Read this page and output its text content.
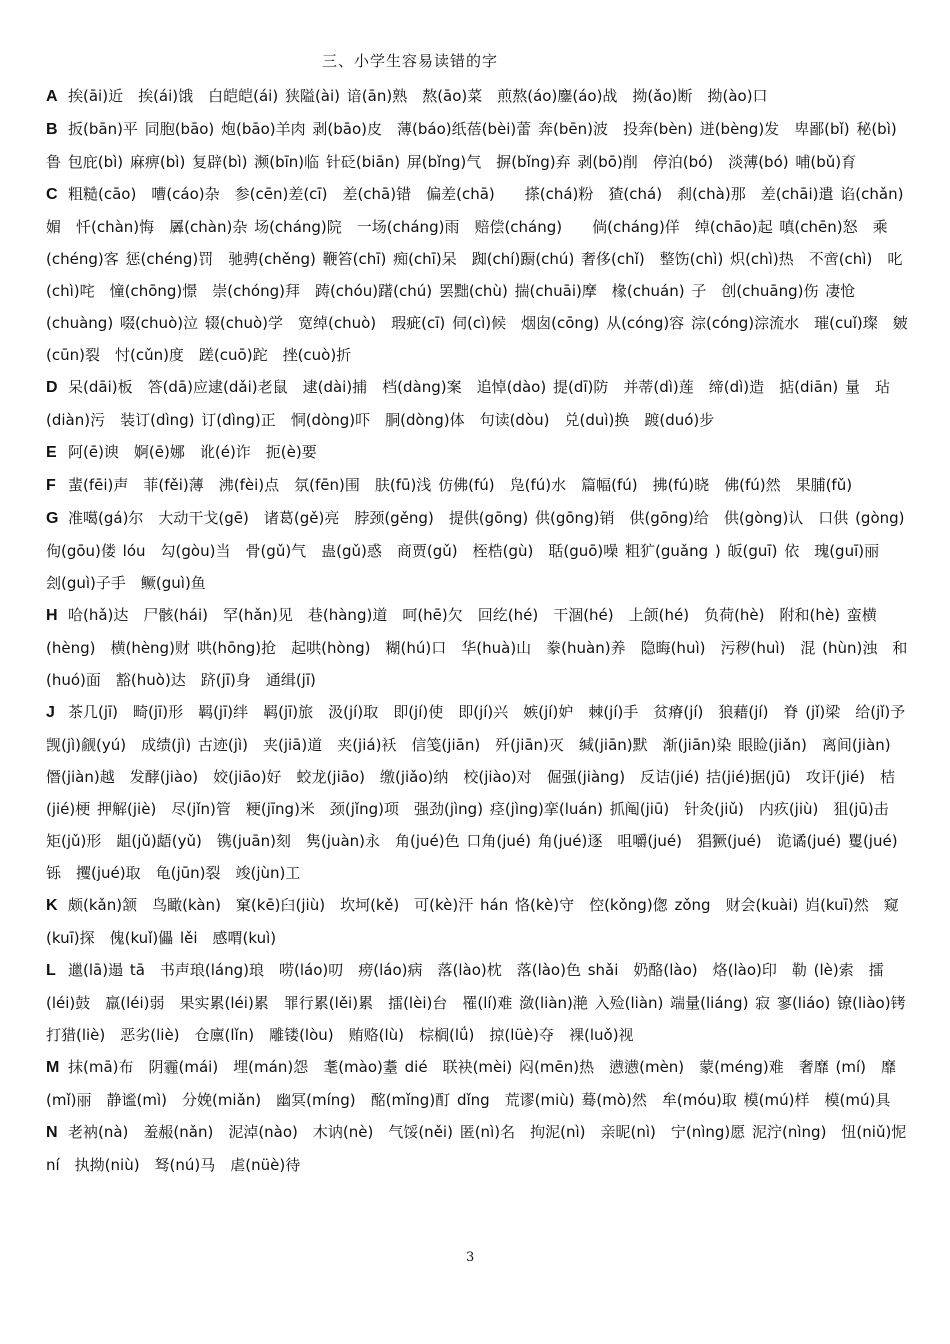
三、小学生容易读错的字
A 挨(āi)近　挨(ái)饿　白皑皑(ái) 狭隘(ài) 谙(ān)熟　熬(āo)菜　煎熬(áo)鏖(áo)战　拗(ǎo)断　拗(ào)口
B 扳(bān)平 同胞(bāo) 炮(bāo)羊肉 剥(bāo)皮　薄(báo)纸蓓(bèi)蕾 奔(bēn)波　投奔(bèn) 迸(bèng)发　卑鄙(bǐ) 秘(bì)鲁 包庇(bì) 麻痹(bì) 复辟(bì) 濒(bīn)临 针砭(biān) 屏(bǐng)气　摒(bǐng)弃 剥(bō)削　停泊(bó)　淡薄(bó) 哺(bǔ)育
C 粗糙(cāo)　嘈(cáo)杂　参(cēn)差(cī)　差(chā)错　偏差(chā)　　搽(chá)粉　猹(chá)　刹(chà)那　差(chāi)遣 谄(chǎn)媚　忏(chàn)悔　羼(chàn)杂 场(cháng)院　一场(cháng)雨　赔偿(cháng)　　倘(cháng)佯　绰(chāo)起 嗔(chēn)怒　乘(chéng)客 惩(chéng)罚　驰骋(chěng) 鞭笞(chī) 痴(chī)呆　踟(chí)蹰(chú) 奢侈(chǐ)　整饬(chì) 炽(chì)热　不啻(chì)　叱(chì)咤　憧(chōng)憬　崇(chóng)拜　踌(chóu)躇(chú) 罢黜(chù) 揣(chuāi)摩　椽(chuán) 子　创(chuāng)伤 凄怆(chuàng) 啜(chuò)泣 辍(chuò)学　宽绰(chuò)　瑕疵(cī) 伺(cì)候　烟囱(cōng) 从(cóng)容 淙(cóng)淙流水　璀(cuǐ)璨　皴(cūn)裂　忖(cǔn)度　蹉(cuō)跎　挫(cuò)折
D 呆(dāi)板　答(dā)应逮(dǎi)老鼠　逮(dài)捕　档(dàng)案　追悼(dào) 提(dī)防　并蒂(dì)莲　缔(dì)造　掂(diān) 量　玷(diàn)污　装订(dìng) 订(dìng)正　恫(dòng)吓　胴(dòng)体　句读(dòu)　兑(duì)换　踱(duó)步
E 阿(ē)谀　婀(ē)娜　讹(é)诈　扼(è)要
F 蜚(fēi)声　菲(fěi)薄　沸(fèi)点　氛(fēn)围　肤(fū)浅 仿佛(fú)　凫(fú)水　篇幅(fú)　拂(fú)晓　佛(fú)然　果脯(fǔ)
G 准噶(gá)尔　大动干戈(gē)　诸葛(gě)亮　脖颈(gěng)　提供(gōng) 供(gōng)销　供(gōng)给　供(gòng)认　口供 (gòng)　佝(gōu)偻 lóu　勾(gòu)当　骨(gǔ)气　蛊(gǔ)惑　商贾(gǔ)　桎梏(gù)　聒(guō)噪 粗犷(guǎng ) 皈(guī) 依　瑰(guī)丽　刽(guì)子手　鳜(guì)鱼
H 哈(hǎ)达　尸骸(hái)　罕(hǎn)见　巷(hàng)道　呵(hē)欠　回纥(hé)　干涸(hé)　上颌(hé)　负荷(hè)　附和(hè) 蛮横(hèng)　横(hèng)财 哄(hōng)抢　起哄(hòng)　糊(hú)口　华(huà)山　豢(huàn)养　隐晦(huì)　污秽(huì)　混 (hùn)浊　和(huó)面　豁(huò)达　跻(jī)身　通缉(jī)
J 茶几(jī)　畸(jī)形　羁(jī)绊　羁(jī)旅　汲(jí)取　即(jí)使　即(jí)兴　嫉(jí)妒　棘(jí)手　贫瘠(jí)　狼藉(jí)　脊 (jǐ)梁　给(jǐ)予　觊(jì)觎(yú)　成绩(jì) 古迹(jì)　夹(jiā)道　夹(jiá)袄　信笺(jiān)　歼(jiān)灭　缄(jiān)默　渐(jiān)染 眼睑(jiǎn)　离间(jiàn)　僭(jiàn)越　发酵(jiào)　姣(jiāo)好　蛟龙(jiāo)　缴(jiǎo)纳　校(jiào)对　倔强(jiàng)　反诘(jié) 拮(jié)据(jū)　攻讦(jié)　桔(jié)梗 押解(jiè)　尽(jǐn)管　粳(jīng)米　颈(jǐng)项　强劲(jìng) 痉(jìng)挛(luán) 抓阄(jiū)　针灸(jiǔ)　内疚(jiù)　狙(jū)击 矩(jǔ)形　龃(jǔ)龉(yǔ)　镌(juān)刻　隽(juàn)永　角(jué)色 口角(jué) 角(jué)逐　咀嚼(jué)　猖獗(jué)　诡谲(jué) 矍(jué)铄　攫(jué)取　龟(jūn)裂　竣(jùn)工
K 颇(kǎn)颔　鸟瞰(kàn)　窠(kē)臼(jiù)　坎坷(kě)　可(kè)汗 hán 恪(kè)守　倥(kǒng)偬 zǒng　财会(kuài) 岿(kuī)然　窥(kuī)探　傀(kuǐ)儡 lěi　感喟(kuì)
L 邋(lā)遢 tā　书声琅(láng)琅　唠(láo)叨　痨(láo)病　落(lào)枕　落(lào)色 shǎi　奶酪(lào)　烙(lào)印　勒 (lè)索　擂(léi)鼓　羸(léi)弱　果实累(léi)累　罪行累(lěi)累　擂(lèi)台　罹(lí)难 潋(liàn)滟 入殓(liàn) 端量(liáng) 寂 寥(liáo) 镣(liào)铐　打猎(liè)　恶劣(liè)　仓廪(lǐn)　雕镂(lòu)　贿赂(lù)　棕榈(lǘ)　掠(lüè)夺　裸(luǒ)视
M 抹(mā)布　阴霾(mái)　埋(mán)怨　耄(mào)耋 dié　联袂(mèi) 闷(mēn)热　懑懑(mèn)　蒙(méng)难　奢靡 (mí)　靡(mǐ)丽　静谧(mì)　分娩(miǎn)　幽冥(míng)　酩(mǐng)酊 dǐng　荒谬(miù) 蓦(mò)然　牟(móu)取 模(mú)样　模(mú)具
N 老衲(nà)　羞赧(nǎn)　泥淖(nào)　木讷(nè)　气馁(něi) 匿(nì)名　拘泥(nì)　亲昵(nì)　宁(nìng)愿 泥泞(nìng)　忸(niǔ)怩 ní　执拗(niù)　驽(nú)马　虐(nüè)待
3
